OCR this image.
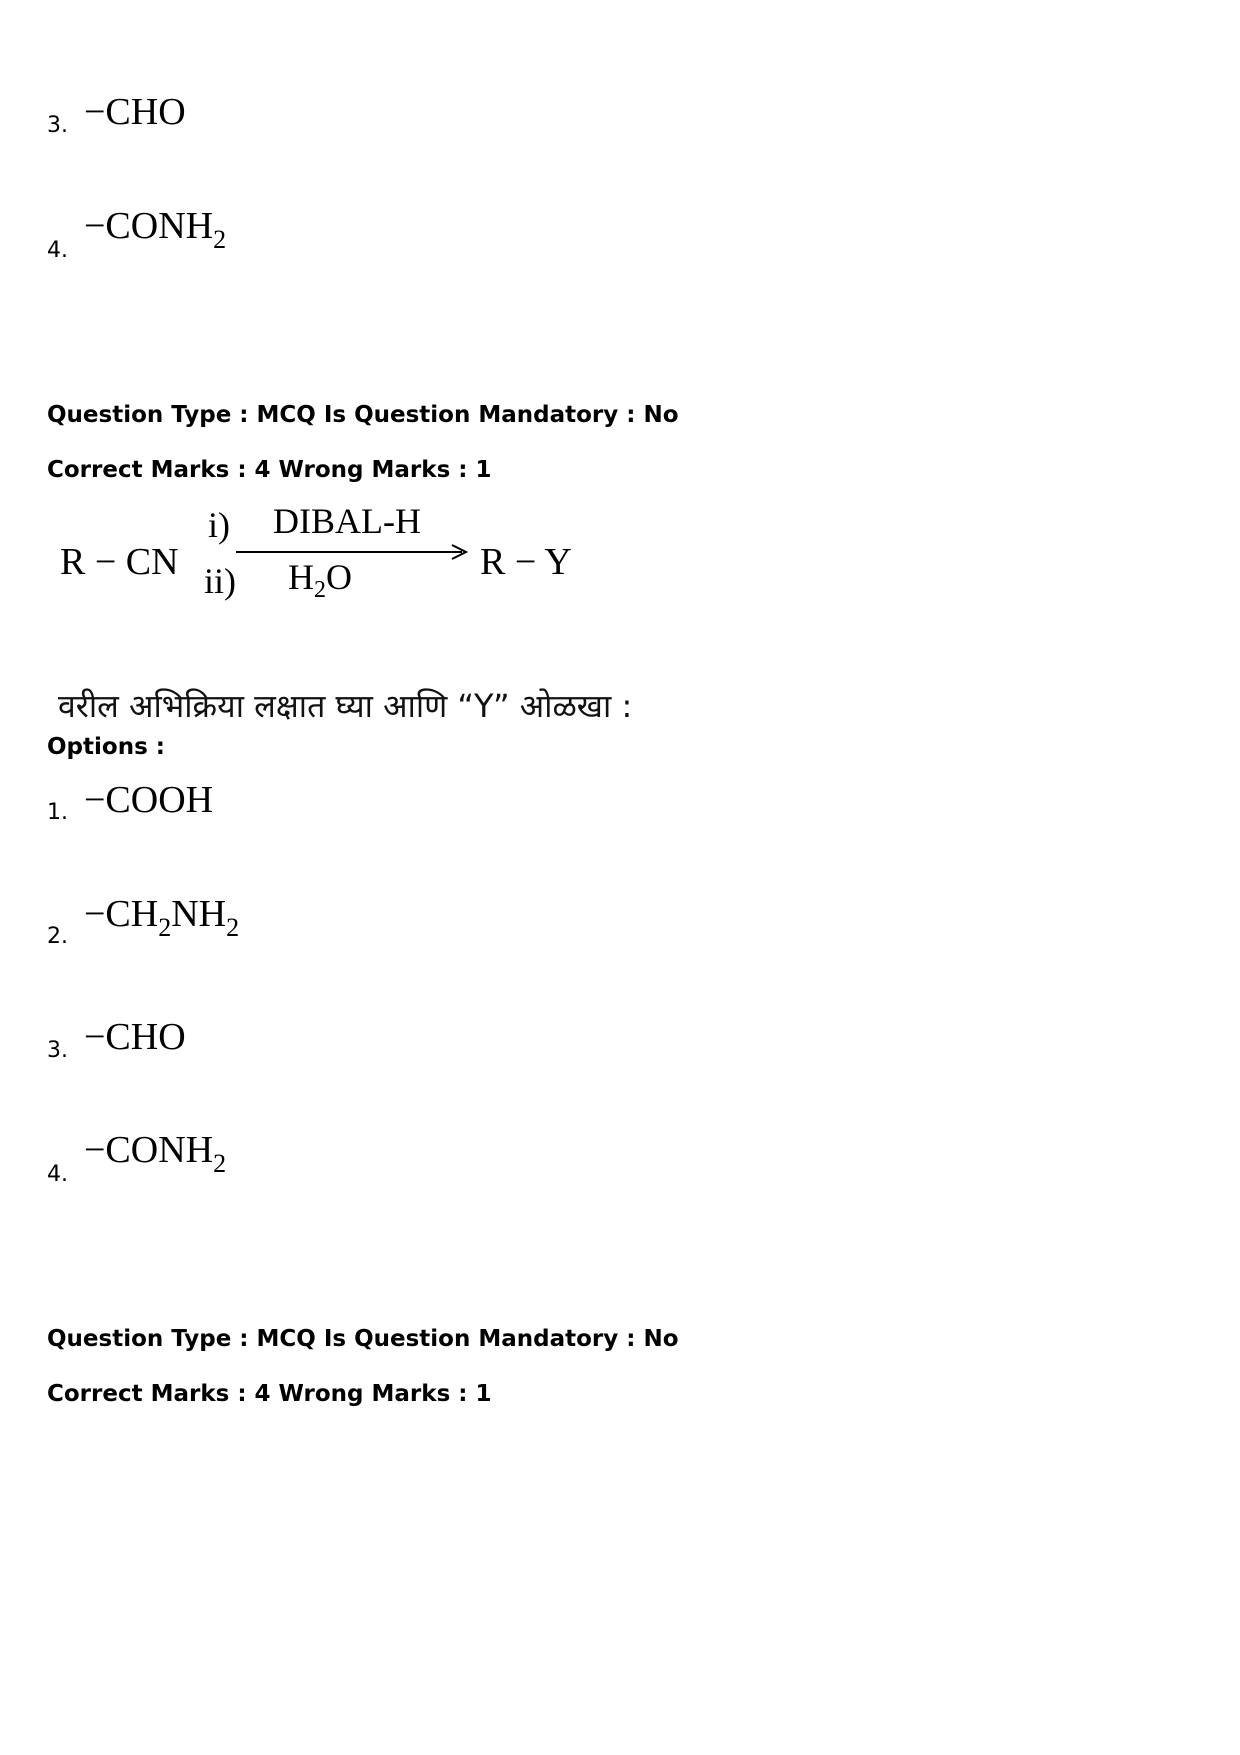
3. −CHO
4.
$-CONH_2$
Question Type : MCQ Is Question Mandatory : No
Correct Marks : 4 Wrong Marks : 1
R − CN
i) DIBAL-H
ii) $H_2O$	R − Y
वरील अभिक्रिया लक्षात घ्या आणि “Y” ओळखा :
Options :
1. −COOH
2.
$-CH_2NH_2$
3. −CHO
4.
$-CONH_2$
Question Type : MCQ Is Question Mandatory : No
Correct Marks : 4 Wrong Marks : 1
